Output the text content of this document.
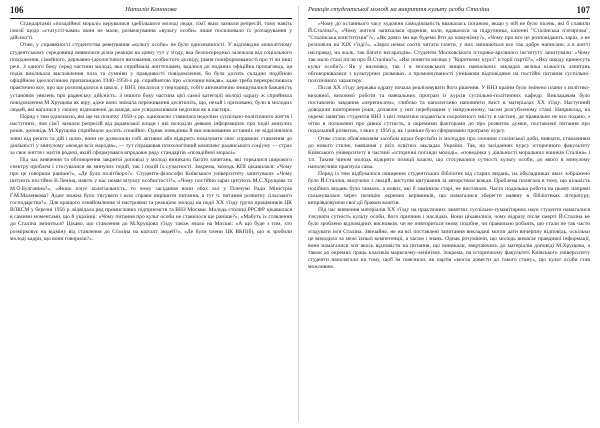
106	Наталія Кононова

Стандартами «позадійної моралі» керувалися здебільшого молоді люди, сім'ї яких зазнали репресій, тому навіть ілюзії щодо «статусті-ками» вони не мали, розмежування «вульгу особи» лише посилювало їх розчарування у дійсності.

Отже, у справжності студентства ревнування «культу особи» не було однозначності. У відповідно монолітному студентському середовищі виявилися різна реакція на цінну тут у згоду, яка безпосередньо залежала від соціального походження, сімейного, державно-ідеологічного виховання, особистого досвіду, рівня поінформованості про ті чи інші речі. З одного боку серед частини молоді, яка сприймала життєпамен, вдалися до поданих офіційна пропаганда, ця подія викликала висловлення поза та сумніви у правдивості повідомлення, бо була досить складно подібною офіційною ідеологічною пропагандою 1940–1950-х рр. сприйнятою про «злочини вождя», адже треба перекреслювала практично все, про що розповідалося в школі, у ВНЗ, писалося у періодиці, тобто автоматично знищувалися бажаність установок уявлень про радянську дійсність. З іншого боку частина цієї самої категорії молоді одразу ж сприйняла повідомлення М.Хрущова як віру, адже воно знімала переживання десятиліть, що, нехай і приховано, були в молодих людей, які вагалися у своєму відношенні до вождя, але усвідомлювали недоліки як в пастирі.

Поряд з тим одночасно, які ще на початку 1950-х рр. одночасно ставилася недоліки суспільно-політичного життя і наступних, чия сім'ї зазнали репресій від радянської влади і які володіли деякою інформацією про події минулих років, доповідь М.Хрущова сприймали досить спокійно. Однак поведінка й висловлювання останніх не відрізнялися зовні від решти та дій і шлях, вони не дозволили собі активно або відкрито показувати своє справжнє ставлення до діяльності у минулому «вождя всіх народів», — тут спрацював психологічний комплекс радянського соціуму — страх за своє життя і життя родичі, який сформувався впродовж ряду стандартів «позадійної моралі».

Під час вивчення та обговорення закритої доповіді у молоді виникало багато запитань, які торкалися широкого спектру проблем і стосувалися як минулих подій, так і подій їх сучасності. Зокрема, молодь КПІ цікавилася: «Чому про це говорили раніше?», «Де було політбюро?». Студенти-філософи Київського університету запитували: «Чому цитують постійно В.Леніна, навіть у нас немає візуалу особистості?», «Чому постійно зараз цитують М.С.Хрущова та М.О.Булганіна?», «Якщо існує колегіальність, то чому засідання вони обох зал у Пленумі Ради Міністрів Г.М.Маленкова? Адже можна було з'ясувати і всю справи вирішити питання, а тут ч. питання розвитку сільського господарства?». Для кращого ознайомлення зі настроями та реакцією молоді на події ХХ з'їзду група працівників ЦК ВЛКСМ у березні 1956 р. відвідала ряд промислових підприємств та ВНЗ Москви. Молодь столиці РРСФР цікавилася в самими моментами, що й українці: «Чому питання про культ особи не ставилося ще раніше?», «Мабуть їх ставлення до Сталіна зміниться? Цікаво, що ставлення до М.Хрущова з'їзду також знало на Москві: «А що буде з тим, хто розмірковує на відміну від ставлення до Сталіна на кшталт людей?», «Де були члени ЦК ВКП(б), що ж зробили молоді кадри, що вони говорили?».

Реакція студентської молоді на викриття культу особи Сталіна	107

«Чому до останнього часу художня самодіяльність вважалась поганою, якщо у ній не було пісень, які б славили Й.Сталіна?», «Чому жителі запихалася ордения, коли, вдавалося за підручника, казенні "Сталінська п'ятирічка", "Сталінська конституція"?», «Як довго ми ще будемо йти до комунізму?», «Чому про все це розповідають зараз, а не розповіли на ХІХ з'їзді?», «Зараз немає охоти читати газети, у них змінюються все так добре написано, а в житті насправді, на жаль, так багато негараздів». Студенти Московського історико-архівного інституту запитували: «Чому так мало сталі після про Й.Сталіна?», «Які поняття місяця у "Короткому курсі" історії партії?», «Яку шкоду принесуть культ особи?». Як у висновку, так і в московських вищих навчальних закладах велика кількість запитань обговорювалися з культурних розмовах, а промовчуваності уникаючи відповідями на постійні питання суспільно-політичного характеру.

Після ХХ з'їзду держава одразу почала реалізовувати його рішення. У ВНЗ країни було змінено плани з політико-виховної, виховної роботи та навчальних програм із курсів суспільно-політичних кафедр. Викладачам було поставлено завдання «переписати», глибоко та наполегливо наповнити зміст в матеріалах ХХ з'їзду. Наступний доводили повторення роки, долаючи у них перебування у напруженому, часом розгубленому стані. Наприклад, на окремі заняттях студентів ВНЗ з цієї тематики подаються скороченого змісту в частині, де правильно не все подано, з чітко в положенні про рівної сутність, а окремими факторами до про розвиток думки, поставлені питання про подальший розвиток, з яких у 1956 р. як і раніше було сформовано програму курсу.

Отже стали обов'язковим засобом щодо боротьби із молоддю про злочини сталінської доби, вивчати, ставленням до нового стилю, навчання у всіх освітніх закладах України. Так, на засіданнях курсу історичного факультету Київського університету в частині «історичні погляди молоді», «поведінка у діяльності моральних вчинків Сталіна» і т.п. Таким чином молодь відкрито позиції власні, що стосувалися сутності культу особи, до якого в минулому наполегливо прагнула сама.

Поряд із тим відбувалося очищення студентських бібліотек від старих видань, на обкладинках яких зображено було Й.Сталіна, вилучено з лекцій, виступів цитування за авторством вождя. Проблема полягала в тому, що кількість подібних видань було чимало, а нових, які б замінили старі, не вистачало. Часто подальша робота на цьому напрямі гальмувалася через позицію окремих керівників, що намагалися зберегти наявну в бібліотеках літературу, виправдовуючи свої дії браком коштів.

Під час вивчення матеріалів ХХ з'їзду на практичних заняттях суспільно-гуманітарних наук студенти намагалися з'ясувати сутність культу особи, його причини і наслідки. Вони цікавилися, чому відразу після смерті Й.Сталіна не було зроблено відповідних висновків, чи не повториться знову подібне, чи правильно роблять, що стали не так часто згадувати ім'я Сталіна. Звичайно, не на всі поставлені запитання викладачі могли дати вичерпну відповідь, оскільки це виходило за межі їхньої компетенції, а часом і знань. Однак розуміючи, що молодь вимагає правдивої інформації, вони намагалися хоч якось відповісти на питання, що виникали, звертаючись до матеріалів доповіді М.Хрущова, а також до окремих праць класиків марксизму-ленінізму. Зокрема, на історичному факультеті Київського університету студенти наполягали на тому, щоб їм пояснили, як партія «могла довести до такого стану», що культ особи став можливим.
